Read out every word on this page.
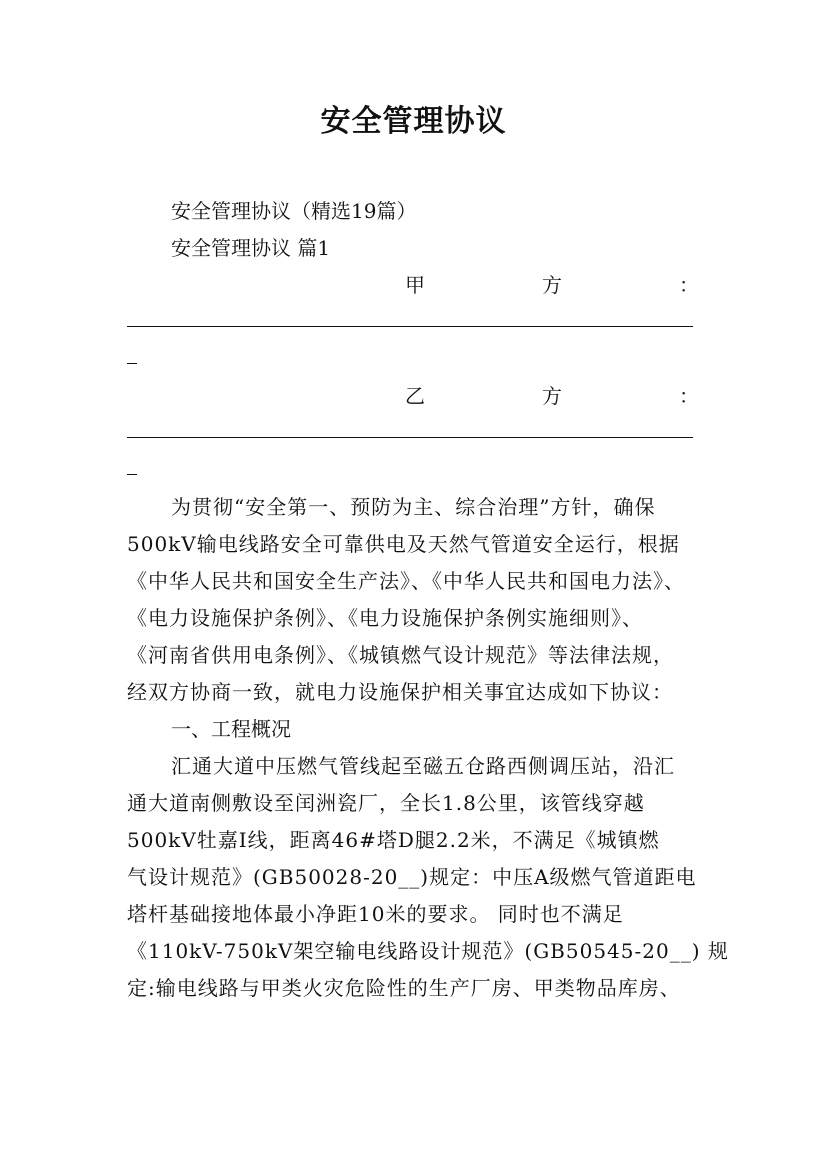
安全管理协议
安全管理协议（精选19篇）
安全管理协议 篇1
甲	方	：
乙	方	：
为贯彻“安全第一、预防为主、综合治理”方针，确保
500kV输电线路安全可靠供电及天然气管道安全运行，根据
《中华人民共和国安全生产法》、《中华人民共和国电力法》、
《电力设施保护条例》、《电力设施保护条例实施细则》、
《河南省供用电条例》、《城镇燃气设计规范》等法律法规，
经双方协商一致，就电力设施保护相关事宜达成如下协议：
一、工程概况
汇通大道中压燃气管线起至磁五仓路西侧调压站，沿汇
通大道南侧敷设至闰洲瓷厂，全长1.8公里，该管线穿越
500kV牡嘉Ⅰ线，距离46#塔D腿2.2米，不满足《城镇燃
气设计规范》(GB50028-20__)规定：中压A级燃气管道距电
塔杆基础接地体最小净距10米的要求。 同时也不满足
《110kV-750kV架空输电线路设计规范》(GB50545-20__) 规
定:输电线路与甲类火灾危险性的生产厂房、甲类物品库房、
